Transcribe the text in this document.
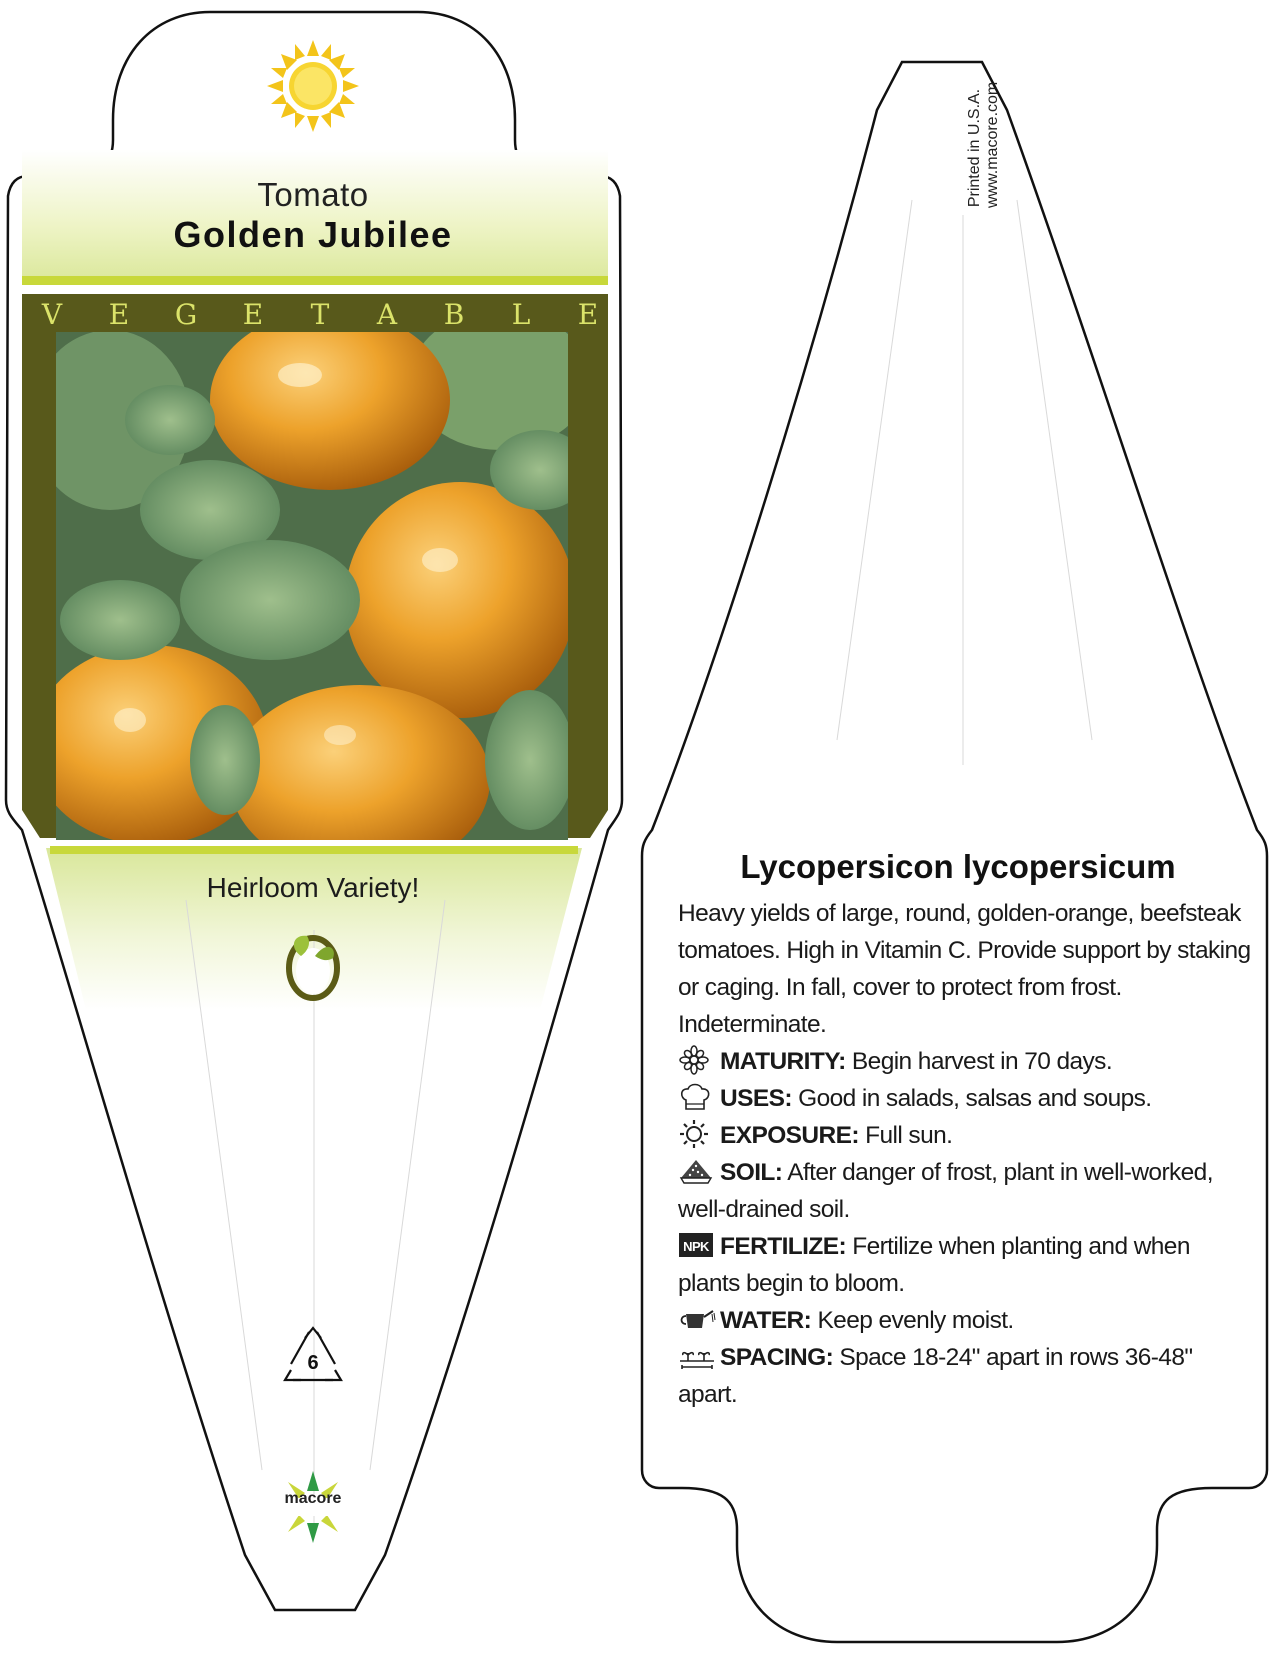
Tomato
Golden Jubilee
V E G E T A B L E
Heirloom Variety!
6
macore
Printed in U.S.A. www.macore.com
Lycopersicon lycopersicum

Heavy yields of large, round, golden-orange, beefsteak tomatoes. High in Vitamin C. Provide support by staking or caging. In fall, cover to protect from frost. Indeterminate.

MATURITY: Begin harvest in 70 days.

USES: Good in salads, salsas and soups.

EXPOSURE: Full sun.

SOIL: After danger of frost, plant in well-worked, well-drained soil.

NPK FERTILIZE: Fertilize when planting and when plants begin to bloom.

WATER: Keep evenly moist.

SPACING: Space 18-24" apart in rows 36-48" apart.
